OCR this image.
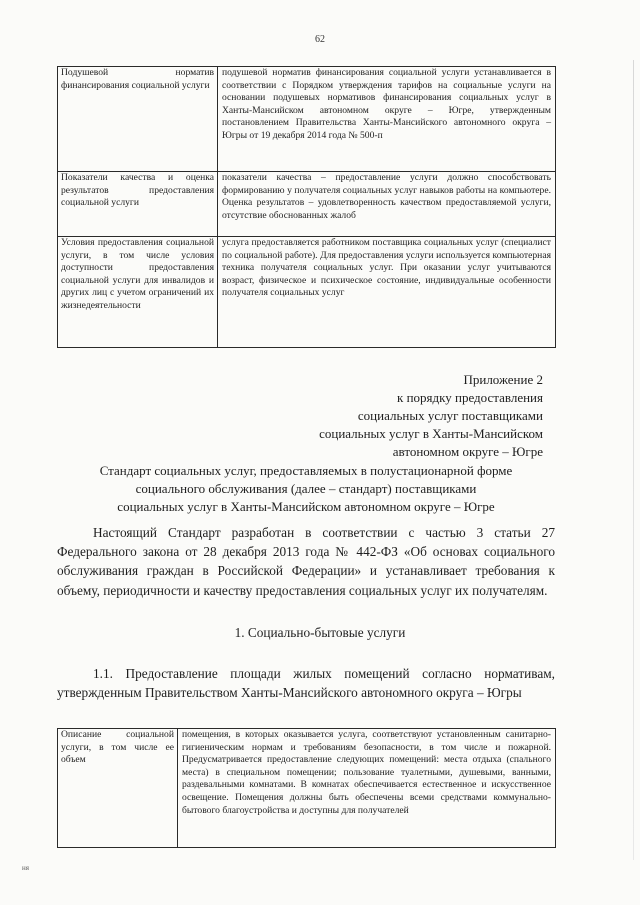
62
Подушевой норматив финансирования социальной услуги	подушевой норматив финансирования социальной услуги устанавливается в соответствии с Порядком утверждения тарифов на социальные услуги на основании подушевых нормативов финансирования социальных услуг в Ханты-Мансийском автономном округе – Югре, утвержденным постановлением Правительства Ханты-Мансийского автономного округа – Югры от 19 декабря 2014 года № 500-п
Показатели качества и оценка результатов предоставления социальной услуги	показатели качества – предоставление услуги должно способствовать формированию у получателя социальных услуг навыков работы на компьютере. Оценка результатов – удовлетворенность качеством предоставляемой услуги, отсутствие обоснованных жалоб
Условия предоставления социальной услуги, в том числе условия доступности предоставления социальной услуги для инвалидов и других лиц с учетом ограничений их жизнедеятельности	услуга предоставляется работником поставщика социальных услуг (специалист по социальной работе). Для предоставления услуги используется компьютерная техника получателя социальных услуг. При оказании услуг учитываются возраст, физическое и психическое состояние, индивидуальные особенности получателя социальных услуг
Приложение 2
к порядку предоставления
социальных услуг поставщиками
социальных услуг в Ханты-Мансийском
автономном округе – Югре
Стандарт социальных услуг, предоставляемых в полустационарной форме
социального обслуживания (далее – стандарт) поставщиками
социальных услуг в Ханты-Мансийском автономном округе – Югре
Настоящий Стандарт разработан в соответствии с частью 3 статьи 27 Федерального закона от 28 декабря 2013 года № 442-ФЗ «Об основах социального обслуживания граждан в Российской Федерации» и устанавливает требования к объему, периодичности и качеству предоставления социальных услуг их получателям.
1. Социально-бытовые услуги
1.1. Предоставление площади жилых помещений согласно нормативам, утвержденным Правительством Ханты-Мансийского автономного округа – Югры
Описание социальной услуги, в том числе ее объем	помещения, в которых оказывается услуга, соответствуют установленным санитарно-гигиеническим нормам и требованиям безопасности, в том числе и пожарной. Предусматривается предоставление следующих помещений: места отдыха (спального места) в специальном помещении; пользование туалетными, душевыми, ванными, раздевальными комнатами. В комнатах обеспечивается естественное и искусственное освещение. Помещения должны быть обеспечены всеми средствами коммунально-бытового благоустройства и доступны для получателей
ня
